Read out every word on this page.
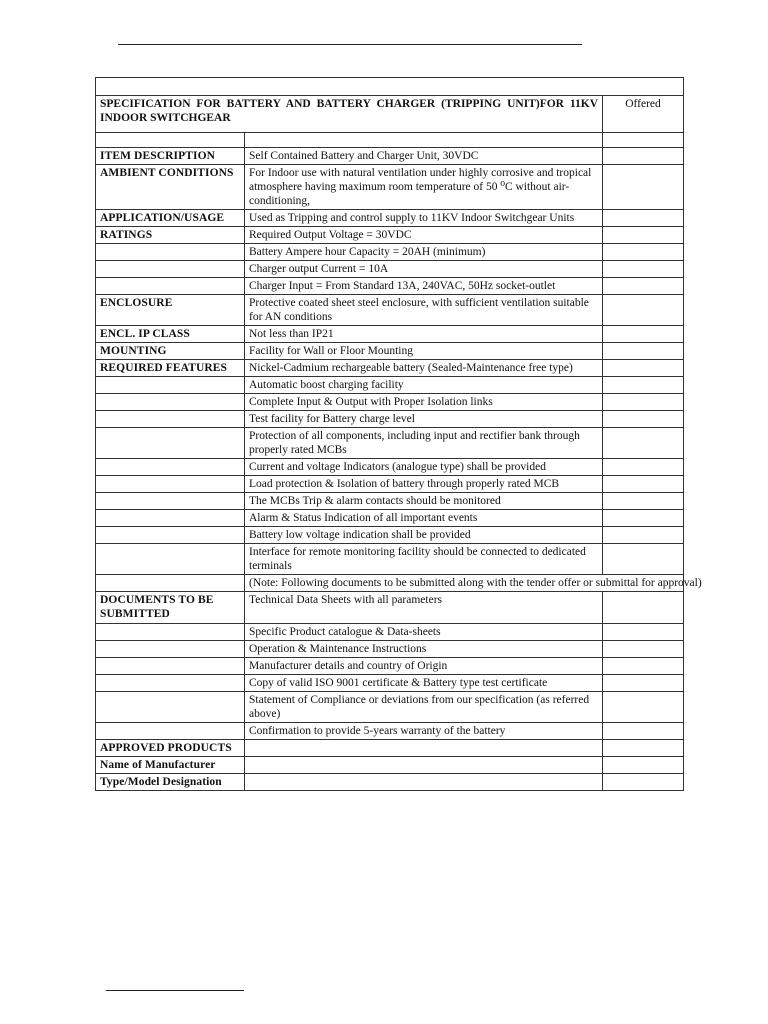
SPECIFICATION FOR BATTERY AND BATTERY CHARGER (TRIPPING UNIT)FOR 11KV INDOOR SWITCHGEAR		Offered

ITEM DESCRIPTION	Self Contained Battery and Charger Unit, 30VDC	
AMBIENT CONDITIONS	For Indoor use with natural ventilation under highly corrosive and tropical atmosphere having maximum room temperature of 50 ⁰C without air-conditioning,	
APPLICATION/USAGE	Used as Tripping and control supply to 11KV Indoor Switchgear Units	
RATINGS	Required Output Voltage = 30VDC	
	Battery Ampere hour Capacity = 20AH (minimum)	
	Charger output Current = 10A	
	Charger Input = From Standard 13A, 240VAC, 50Hz socket-outlet	
ENCLOSURE	Protective coated sheet steel enclosure, with sufficient ventilation suitable for AN conditions	
ENCL. IP CLASS	Not less than IP21	
MOUNTING	Facility for Wall or Floor Mounting	
REQUIRED FEATURES	Nickel-Cadmium rechargeable battery (Sealed-Maintenance free type)	
	Automatic boost charging facility	
	Complete Input & Output with Proper Isolation links	
	Test facility for Battery charge level	
	Protection of all components, including input and rectifier bank through properly rated MCBs	
	Current and voltage Indicators (analogue type) shall be provided	
	Load protection & Isolation of battery through properly rated MCB	
	The MCBs Trip & alarm contacts should be monitored	
	Alarm & Status Indication of all important events	
	Battery low voltage indication shall be provided	
	Interface for remote monitoring facility should be connected to dedicated terminals	
	(Note: Following documents to be submitted along with the tender offer or submittal for approval)	
DOCUMENTS TO BE SUBMITTED	Technical Data Sheets with all parameters	
	Specific Product catalogue & Data-sheets	
	Operation & Maintenance Instructions	
	Manufacturer details and country of Origin	
	Copy of valid ISO 9001 certificate & Battery type test certificate	
	Statement of Compliance or deviations from our specification (as referred above)	
	Confirmation to provide 5-years warranty of the battery	
APPROVED PRODUCTS		
Name of Manufacturer		
Type/Model Designation		
